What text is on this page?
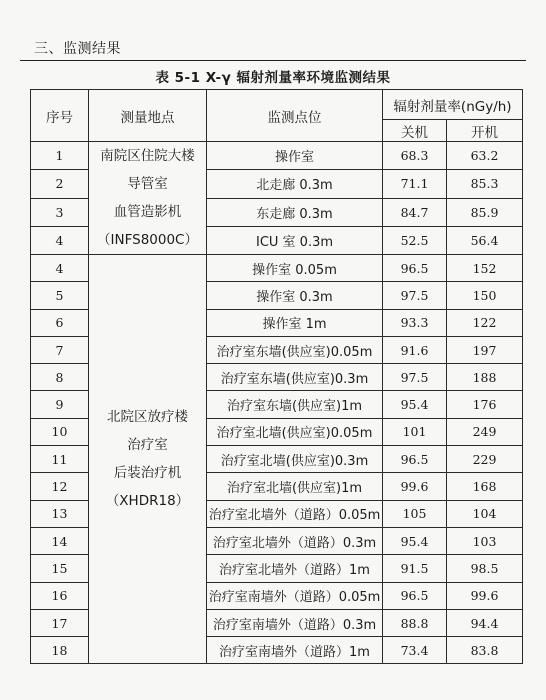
三、监测结果
表 5-1 X-γ 辐射剂量率环境监测结果
序号	测量地点	监测点位	辐射剂量率(nGy/h)	
			关机	开机
1	南院区住院大楼
导管室
血管造影机
（INFS8000C）	操作室	68.3	63.2
2		北走廊 0.3m	71.1	85.3
3		东走廊 0.3m	84.7	85.9
4		ICU 室 0.3m	52.5	56.4
4	北院区放疗楼
治疗室
后装治疗机
（XHDR18）	操作室 0.05m	96.5	152
5		操作室 0.3m	97.5	150
6		操作室 1m	93.3	122
7		治疗室东墙(供应室)0.05m	91.6	197
8		治疗室东墙(供应室)0.3m	97.5	188
9		治疗室东墙(供应室)1m	95.4	176
10		治疗室北墙(供应室)0.05m	101	249
11		治疗室北墙(供应室)0.3m	96.5	229
12		治疗室北墙(供应室)1m	99.6	168
13		治疗室北墙外（道路）0.05m	105	104
14		治疗室北墙外（道路）0.3m	95.4	103
15		治疗室北墙外（道路）1m	91.5	98.5
16		治疗室南墙外（道路）0.05m	96.5	99.6
17		治疗室南墙外（道路）0.3m	88.8	94.4
18		治疗室南墙外（道路）1m	73.4	83.8
